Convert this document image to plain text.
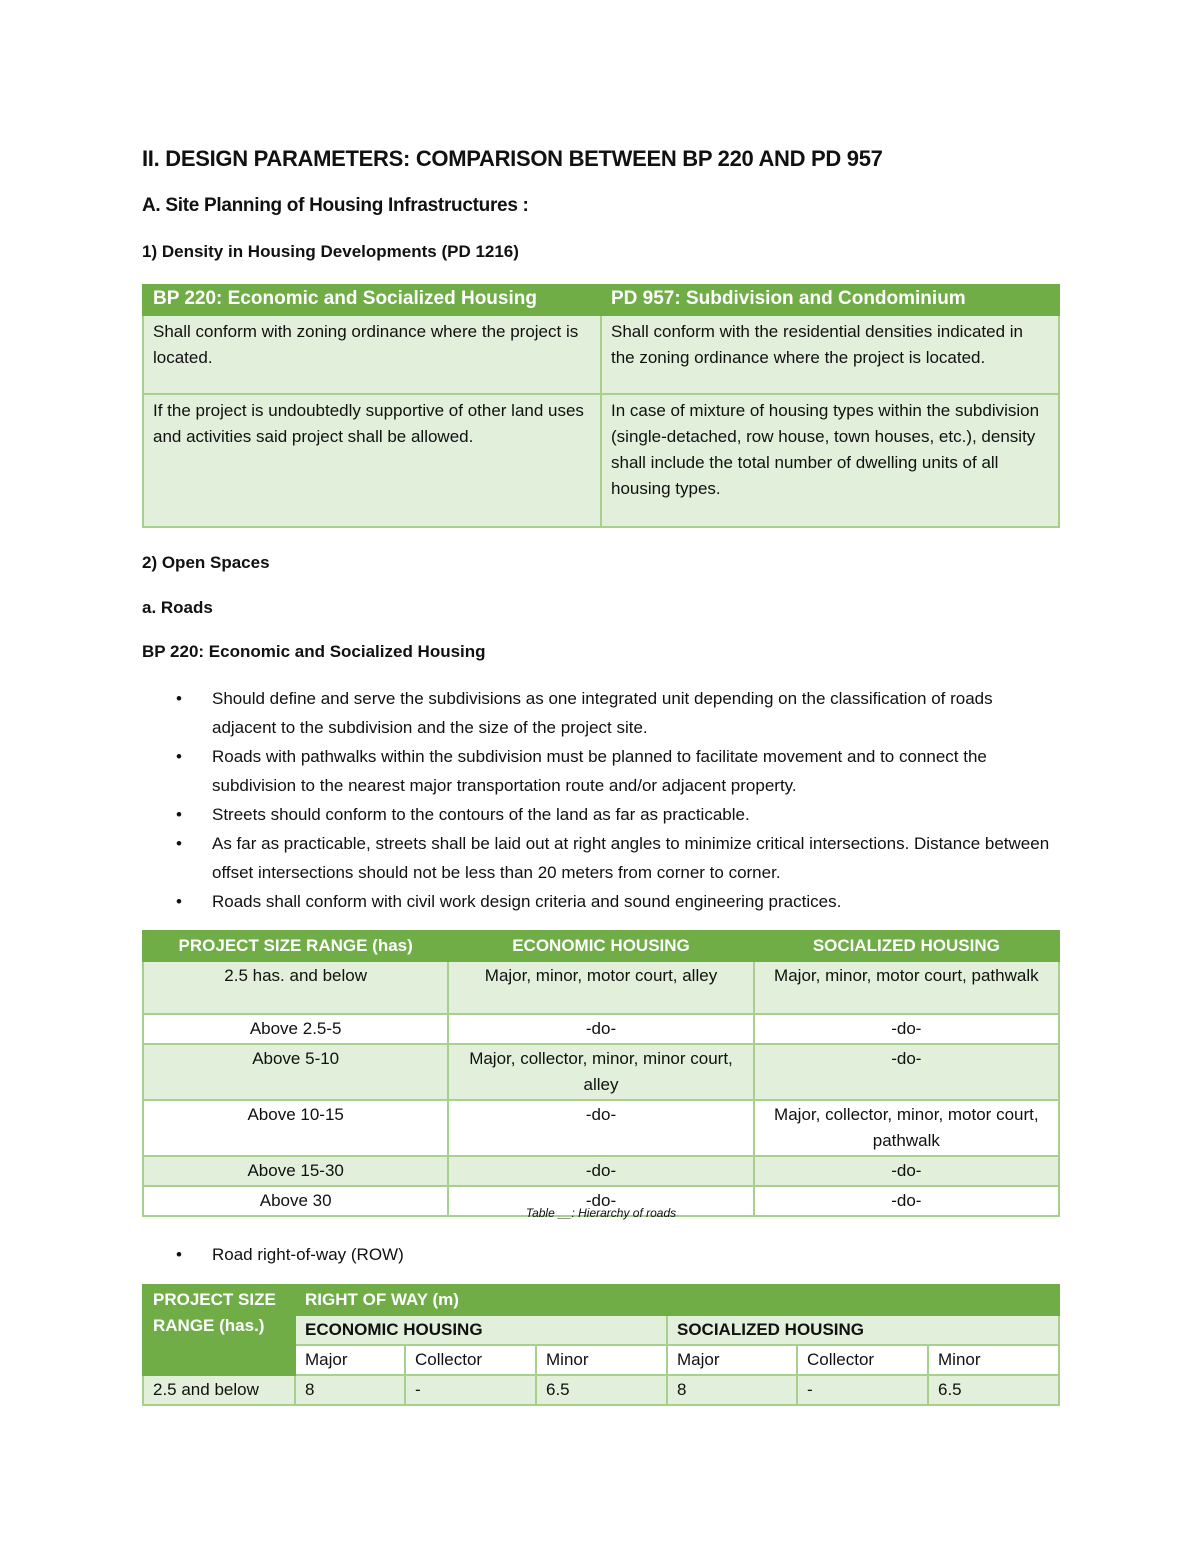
II. DESIGN PARAMETERS: COMPARISON BETWEEN BP 220 AND PD 957
A. Site Planning of Housing Infrastructures :
1) Density in Housing Developments (PD 1216)
BP 220: Economic and Socialized Housing	PD 957: Subdivision and Condominium
Shall conform with zoning ordinance where the project is located.	Shall conform with the residential densities indicated in the zoning ordinance where the project is located.
If the project is undoubtedly supportive of other land uses and activities said project shall be allowed.	In case of mixture of housing types within the subdivision (single-detached, row house, town houses, etc.), density shall include the total number of dwelling units of all housing types.
2) Open Spaces
a. Roads
BP 220: Economic and Socialized Housing
• Should define and serve the subdivisions as one integrated unit depending on the classification of roads adjacent to the subdivision and the size of the project site.
• Roads with pathwalks within the subdivision must be planned to facilitate movement and to connect the subdivision to the nearest major transportation route and/or adjacent property.
• Streets should conform to the contours of the land as far as practicable.
• As far as practicable, streets shall be laid out at right angles to minimize critical intersections. Distance between offset intersections should not be less than 20 meters from corner to corner.
• Roads shall conform with civil work design criteria and sound engineering practices.
PROJECT SIZE RANGE (has)	ECONOMIC HOUSING	SOCIALIZED HOUSING
2.5 has. and below	Major, minor, motor court, alley	Major, minor, motor court, pathwalk
Above 2.5-5	-do-	-do-
Above 5-10	Major, collector, minor, minor court, alley	-do-
Above 10-15	-do-	Major, collector, minor, motor court, pathwalk
Above 15-30	-do-	-do-
Above 30	-do-	-do-
Table __: Hierarchy of roads
• Road right-of-way (ROW)
PROJECT SIZE RANGE (has.)	RIGHT OF WAY (m)					
	ECONOMIC HOUSING			SOCIALIZED HOUSING		
	Major	Collector	Minor	Major	Collector	Minor
2.5 and below	8	-	6.5	8	-	6.5
